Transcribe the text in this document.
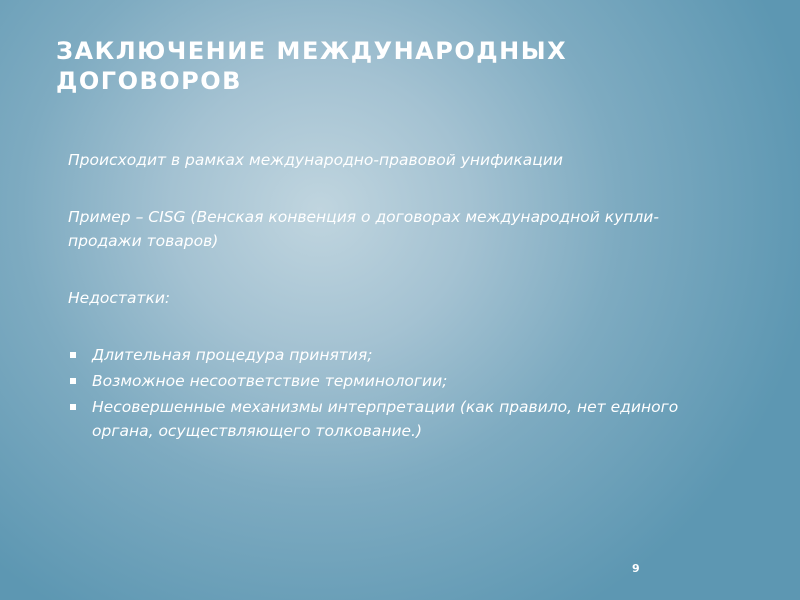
ЗАКЛЮЧЕНИЕ МЕЖДУНАРОДНЫХ ДОГОВОРОВ

Происходит в рамках международно-правовой унификации

Пример – CISG (Венская конвенция о договорах международной купли-продажи товаров)

Недостатки:

Длительная процедура принятия;
Возможное несоответствие терминологии;
Несовершенные механизмы интерпретации (как правило, нет единого органа, осуществляющего толкование.)
9
